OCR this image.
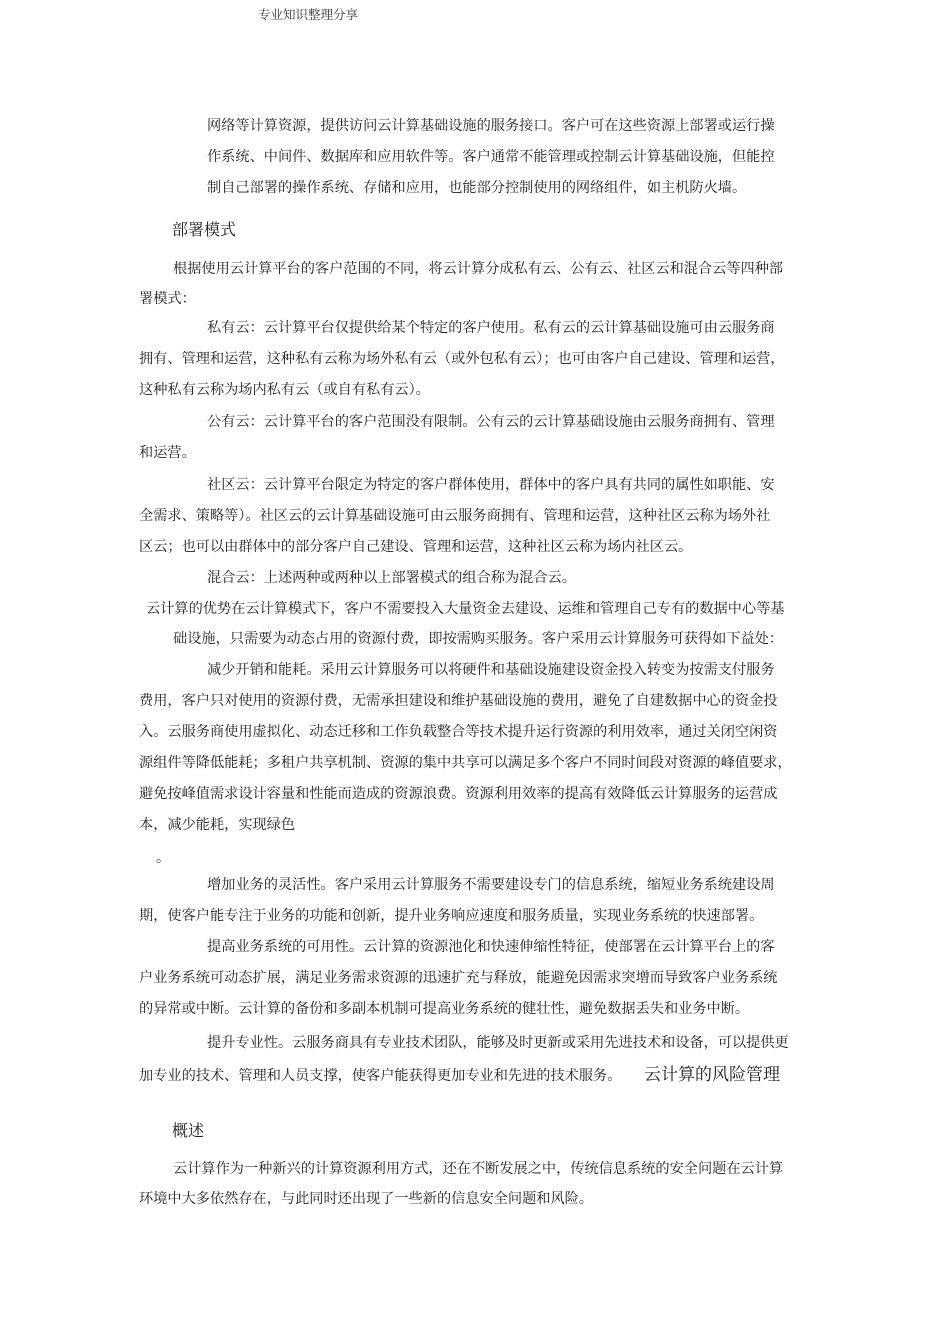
专业知识整理分享
网络等计算资源，提供访问云计算基础设施的服务接口。客户可在这些资源上部署或运行操
作系统、中间件、数据库和应用软件等。客户通常不能管理或控制云计算基础设施，但能控
制自己部署的操作系统、存储和应用，也能部分控制使用的网络组件，如主机防火墙。
部署模式
根据使用云计算平台的客户范围的不同，将云计算分成私有云、公有云、社区云和混合云等四种部
署模式：
私有云：云计算平台仅提供给某个特定的客户使用。私有云的云计算基础设施可由云服务商
拥有、管理和运营，这种私有云称为场外私有云（或外包私有云）；也可由客户自己建设、管理和运营，
这种私有云称为场内私有云（或自有私有云）。
公有云：云计算平台的客户范围没有限制。公有云的云计算基础设施由云服务商拥有、管理
和运营。
社区云：云计算平台限定为特定的客户群体使用，群体中的客户具有共同的属性如职能、安
全需求、策略等）。社区云的云计算基础设施可由云服务商拥有、管理和运营，这种社区云称为场外社
区云；也可以由群体中的部分客户自己建设、管理和运营，这种社区云称为场内社区云。
混合云：上述两种或两种以上部署模式的组合称为混合云。
云计算的优势在云计算模式下，客户不需要投入大量资金去建设、运维和管理自己专有的数据中心等基
础设施，只需要为动态占用的资源付费，即按需购买服务。客户采用云计算服务可获得如下益处：
减少开销和能耗。采用云计算服务可以将硬件和基础设施建设资金投入转变为按需支付服务
费用，客户只对使用的资源付费，无需承担建设和维护基础设施的费用，避免了自建数据中心的资金投
入。云服务商使用虚拟化、动态迁移和工作负载整合等技术提升运行资源的利用效率，通过关闭空闲资
源组件等降低能耗；多租户共享机制、资源的集中共享可以满足多个客户不同时间段对资源的峰值要求，
避免按峰值需求设计容量和性能而造成的资源浪费。资源利用效率的提高有效降低云计算服务的运营成
本，减少能耗，实现绿色
。
增加业务的灵活性。客户采用云计算服务不需要建设专门的信息系统，缩短业务系统建设周
期，使客户能专注于业务的功能和创新，提升业务响应速度和服务质量，实现业务系统的快速部署。
提高业务系统的可用性。云计算的资源池化和快速伸缩性特征，使部署在云计算平台上的客
户业务系统可动态扩展，满足业务需求资源的迅速扩充与释放，能避免因需求突增而导致客户业务系统
的异常或中断。云计算的备份和多副本机制可提高业务系统的健壮性，避免数据丢失和业务中断。
提升专业性。云服务商具有专业技术团队，能够及时更新或采用先进技术和设备，可以提供更
加专业的技术、管理和人员支撑，使客户能获得更加专业和先进的技术服务。 云计算的风险管理
概述
云计算作为一种新兴的计算资源利用方式，还在不断发展之中，传统信息系统的安全问题在云计算
环境中大多依然存在，与此同时还出现了一些新的信息安全问题和风险。
